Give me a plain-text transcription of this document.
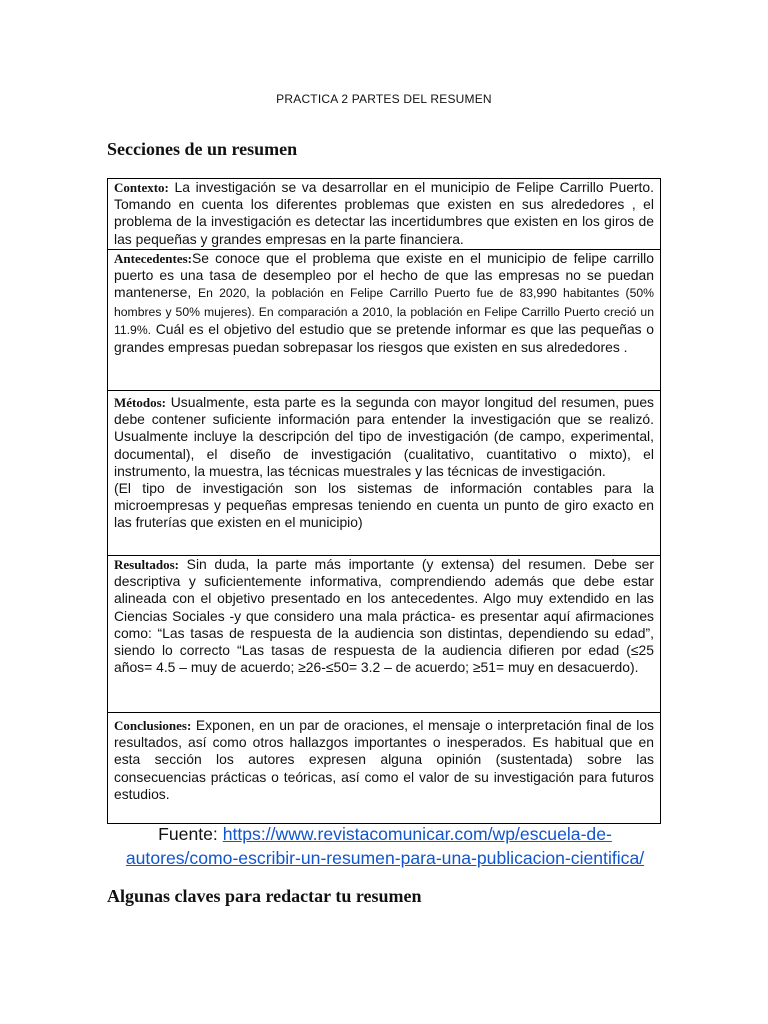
PRACTICA 2 PARTES DEL RESUMEN
Secciones de un resumen
Contexto: La investigación se va desarrollar en el municipio de Felipe Carrillo Puerto. Tomando en cuenta los diferentes problemas que existen en sus alrededores , el problema de la investigación es detectar las incertidumbres que existen en los giros de las pequeñas y grandes empresas en la parte financiera.
Antecedentes:Se conoce que el problema que existe en el municipio de felipe carrillo puerto es una tasa de desempleo por el hecho de que las empresas no se puedan mantenerse, En 2020, la población en Felipe Carrillo Puerto fue de 83,990 habitantes (50% hombres y 50% mujeres). En comparación a 2010, la población en Felipe Carrillo Puerto creció un 11.9%. Cuál es el objetivo del estudio que se pretende informar es que las pequeñas o grandes empresas puedan sobrepasar los riesgos que existen en sus alrededores .
Métodos: Usualmente, esta parte es la segunda con mayor longitud del resumen, pues debe contener suficiente información para entender la investigación que se realizó. Usualmente incluye la descripción del tipo de investigación (de campo, experimental, documental), el diseño de investigación (cualitativo, cuantitativo o mixto), el instrumento, la muestra, las técnicas muestrales y las técnicas de investigación.
(El tipo de investigación son los sistemas de información contables para la microempresas y pequeñas empresas teniendo en cuenta un punto de giro exacto en las fruterías que existen en el municipio)
Resultados: Sin duda, la parte más importante (y extensa) del resumen. Debe ser descriptiva y suficientemente informativa, comprendiendo además que debe estar alineada con el objetivo presentado en los antecedentes. Algo muy extendido en las Ciencias Sociales -y que considero una mala práctica- es presentar aquí afirmaciones como: “Las tasas de respuesta de la audiencia son distintas, dependiendo su edad”, siendo lo correcto “Las tasas de respuesta de la audiencia difieren por edad (≤25 años= 4.5 – muy de acuerdo; ≥26-≤50= 3.2 – de acuerdo; ≥51= muy en desacuerdo).
Conclusiones: Exponen, en un par de oraciones, el mensaje o interpretación final de los resultados, así como otros hallazgos importantes o inesperados. Es habitual que en esta sección los autores expresen alguna opinión (sustentada) sobre las consecuencias prácticas o teóricas, así como el valor de su investigación para futuros estudios.
Fuente: https://www.revistacomunicar.com/wp/escuela-de-autores/como-escribir-un-resumen-para-una-publicacion-cientifica/
Algunas claves para redactar tu resumen
